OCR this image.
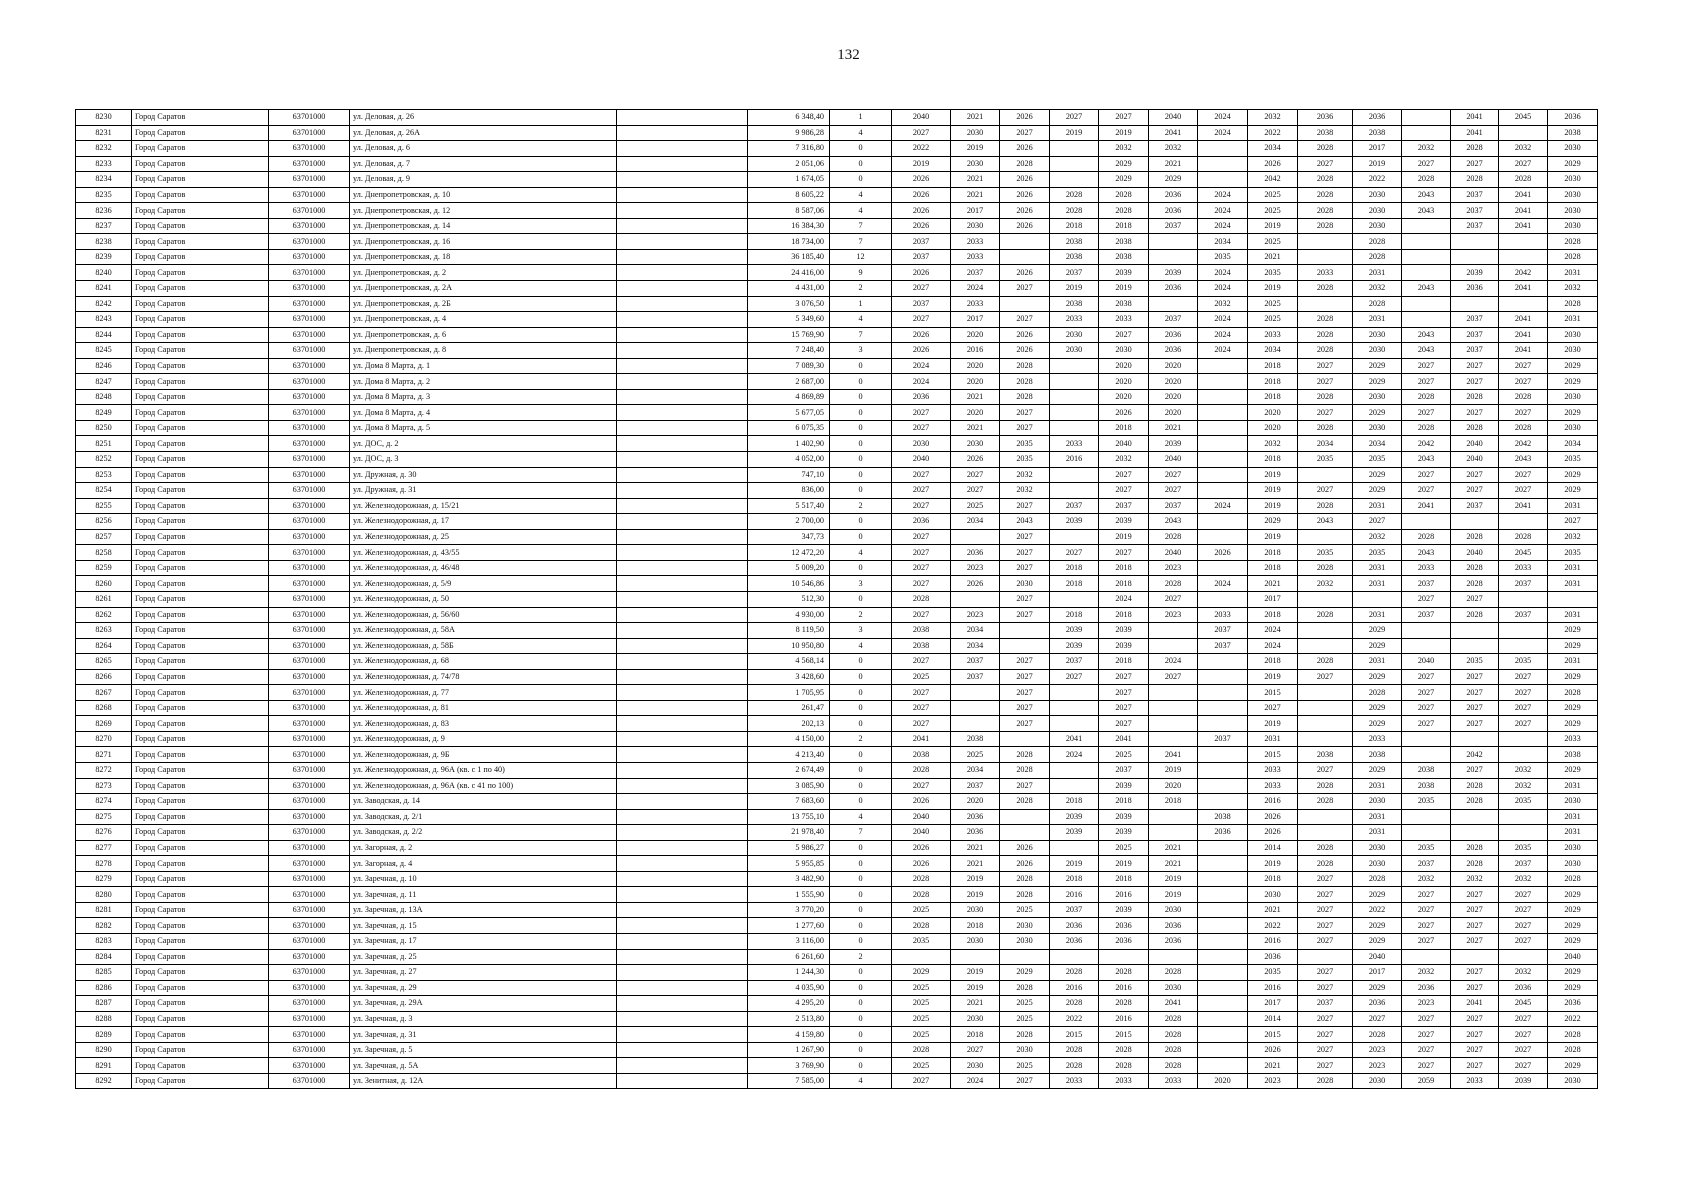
132
8230	Город Саратов	63701000	ул. Деловая, д. 26		6 348,40	1	2040	2021	2026	2027	2027	2040	2024	2032	2036	2036		2041	2045	2036
8231	Город Саратов	63701000	ул. Деловая, д. 26А		9 986,28	4	2027	2030	2027	2019	2019	2041	2024	2022	2038	2038		2041		2038
8232	Город Саратов	63701000	ул. Деловая, д. 6		7 316,80	0	2022	2019	2026		2032	2032		2034	2028	2017	2032	2028	2032	2030
8233	Город Саратов	63701000	ул. Деловая, д. 7		2 051,06	0	2019	2030	2028		2029	2021		2026	2027	2019	2027	2027	2027	2029
8234	Город Саратов	63701000	ул. Деловая, д. 9		1 674,05	0	2026	2021	2026		2029	2029		2042	2028	2022	2028	2028	2028	2030
8235	Город Саратов	63701000	ул. Днепропетровская, д. 10		8 605,22	4	2026	2021	2026	2028	2028	2036	2024	2025	2028	2030	2043	2037	2041	2030
8236	Город Саратов	63701000	ул. Днепропетровская, д. 12		8 587,06	4	2026	2017	2026	2028	2028	2036	2024	2025	2028	2030	2043	2037	2041	2030
8237	Город Саратов	63701000	ул. Днепропетровская, д. 14		16 384,30	7	2026	2030	2026	2018	2018	2037	2024	2019	2028	2030		2037	2041	2030
8238	Город Саратов	63701000	ул. Днепропетровская, д. 16		18 734,00	7	2037	2033		2038	2038		2034	2025		2028				2028
8239	Город Саратов	63701000	ул. Днепропетровская, д. 18		36 185,40	12	2037	2033		2038	2038		2035	2021		2028				2028
8240	Город Саратов	63701000	ул. Днепропетровская, д. 2		24 416,00	9	2026	2037	2026	2037	2039	2039	2024	2035	2033	2031		2039	2042	2031
8241	Город Саратов	63701000	ул. Днепропетровская, д. 2А		4 431,00	2	2027	2024	2027	2019	2019	2036	2024	2019	2028	2032	2043	2036	2041	2032
8242	Город Саратов	63701000	ул. Днепропетровская, д. 2Б		3 076,50	1	2037	2033		2038	2038		2032	2025		2028				2028
8243	Город Саратов	63701000	ул. Днепропетровская, д. 4		5 349,60	4	2027	2017	2027	2033	2033	2037	2024	2025	2028	2031		2037	2041	2031
8244	Город Саратов	63701000	ул. Днепропетровская, д. 6		15 769,90	7	2026	2020	2026	2030	2027	2036	2024	2033	2028	2030	2043	2037	2041	2030
8245	Город Саратов	63701000	ул. Днепропетровская, д. 8		7 248,40	3	2026	2016	2026	2030	2030	2036	2024	2034	2028	2030	2043	2037	2041	2030
8246	Город Саратов	63701000	ул. Дома 8 Марта, д. 1		7 089,30	0	2024	2020	2028		2020	2020		2018	2027	2029	2027	2027	2027	2029
8247	Город Саратов	63701000	ул. Дома 8 Марта, д. 2		2 687,00	0	2024	2020	2028		2020	2020		2018	2027	2029	2027	2027	2027	2029
8248	Город Саратов	63701000	ул. Дома 8 Марта, д. 3		4 869,89	0	2036	2021	2028		2020	2020		2018	2028	2030	2028	2028	2028	2030
8249	Город Саратов	63701000	ул. Дома 8 Марта, д. 4		5 677,05	0	2027	2020	2027		2026	2020		2020	2027	2029	2027	2027	2027	2029
8250	Город Саратов	63701000	ул. Дома 8 Марта, д. 5		6 075,35	0	2027	2021	2027		2018	2021		2020	2028	2030	2028	2028	2028	2030
8251	Город Саратов	63701000	ул. ДОС, д. 2		1 402,90	0	2030	2030	2035	2033	2040	2039		2032	2034	2034	2042	2040	2042	2034
8252	Город Саратов	63701000	ул. ДОС, д. 3		4 052,00	0	2040	2026	2035	2016	2032	2040		2018	2035	2035	2043	2040	2043	2035
8253	Город Саратов	63701000	ул. Дружная, д. 30		747,10	0	2027	2027	2032		2027	2027		2019		2029	2027	2027	2027	2029
8254	Город Саратов	63701000	ул. Дружная, д. 31		836,00	0	2027	2027	2032		2027	2027		2019	2027	2029	2027	2027	2027	2029
8255	Город Саратов	63701000	ул. Железнодорожная, д. 15/21		5 517,40	2	2027	2025	2027	2037	2037	2037	2024	2019	2028	2031	2041	2037	2041	2031
8256	Город Саратов	63701000	ул. Железнодорожная, д. 17		2 700,00	0	2036	2034	2043	2039	2039	2043		2029	2043	2027				2027
8257	Город Саратов	63701000	ул. Железнодорожная, д. 25		347,73	0	2027		2027		2019	2028		2019		2032	2028	2028	2028	2032
8258	Город Саратов	63701000	ул. Железнодорожная, д. 43/55		12 472,20	4	2027	2036	2027	2027	2027	2040	2026	2018	2035	2035	2043	2040	2045	2035
8259	Город Саратов	63701000	ул. Железнодорожная, д. 46/48		5 009,20	0	2027	2023	2027	2018	2018	2023		2018	2028	2031	2033	2028	2033	2031
8260	Город Саратов	63701000	ул. Железнодорожная, д. 5/9		10 546,86	3	2027	2026	2030	2018	2018	2028	2024	2021	2032	2031	2037	2028	2037	2031
8261	Город Саратов	63701000	ул. Железнодорожная, д. 50		512,30	0	2028		2027		2024	2027		2017			2027	2027		
8262	Город Саратов	63701000	ул. Железнодорожная, д. 56/60		4 930,00	2	2027	2023	2027	2018	2018	2023	2033	2018	2028	2031	2037	2028	2037	2031
8263	Город Саратов	63701000	ул. Железнодорожная, д. 58А		8 119,50	3	2038	2034		2039	2039		2037	2024		2029				2029
8264	Город Саратов	63701000	ул. Железнодорожная, д. 58Б		10 950,80	4	2038	2034		2039	2039		2037	2024		2029				2029
8265	Город Саратов	63701000	ул. Железнодорожная, д. 68		4 568,14	0	2027	2037	2027	2037	2018	2024		2018	2028	2031	2040	2035	2035	2031
8266	Город Саратов	63701000	ул. Железнодорожная, д. 74/78		3 428,60	0	2025	2037	2027	2027	2027	2027		2019	2027	2029	2027	2027	2027	2029
8267	Город Саратов	63701000	ул. Железнодорожная, д. 77		1 705,95	0	2027		2027		2027			2015		2028	2027	2027	2027	2028
8268	Город Саратов	63701000	ул. Железнодорожная, д. 81		261,47	0	2027		2027		2027			2027		2029	2027	2027	2027	2029
8269	Город Саратов	63701000	ул. Железнодорожная, д. 83		202,13	0	2027		2027		2027			2019		2029	2027	2027	2027	2029
8270	Город Саратов	63701000	ул. Железнодорожная, д. 9		4 150,00	2	2041	2038		2041	2041		2037	2031		2033				2033
8271	Город Саратов	63701000	ул. Железнодорожная, д. 9Б		4 213,40	0	2038	2025	2028	2024	2025	2041		2015	2038	2038		2042		2038
8272	Город Саратов	63701000	ул. Железнодорожная, д. 96А (кв. с 1 по 40)		2 674,49	0	2028	2034	2028		2037	2019		2033	2027	2029	2038	2027	2032	2029
8273	Город Саратов	63701000	ул. Железнодорожная, д. 96А (кв. с 41 по 100)		3 085,90	0	2027	2037	2027		2039	2020		2033	2028	2031	2038	2028	2032	2031
8274	Город Саратов	63701000	ул. Заводская, д. 14		7 683,60	0	2026	2020	2028	2018	2018	2018		2016	2028	2030	2035	2028	2035	2030
8275	Город Саратов	63701000	ул. Заводская, д. 2/1		13 755,10	4	2040	2036		2039	2039		2038	2026		2031				2031
8276	Город Саратов	63701000	ул. Заводская, д. 2/2		21 978,40	7	2040	2036		2039	2039		2036	2026		2031				2031
8277	Город Саратов	63701000	ул. Загорная, д. 2		5 986,27	0	2026	2021	2026		2025	2021		2014	2028	2030	2035	2028	2035	2030
8278	Город Саратов	63701000	ул. Загорная, д. 4		5 955,85	0	2026	2021	2026	2019	2019	2021		2019	2028	2030	2037	2028	2037	2030
8279	Город Саратов	63701000	ул. Заречная, д. 10		3 482,90	0	2028	2019	2028	2018	2018	2019		2018	2027	2028	2032	2032	2032	2028
8280	Город Саратов	63701000	ул. Заречная, д. 11		1 555,90	0	2028	2019	2028	2016	2016	2019		2030	2027	2029	2027	2027	2027	2029
8281	Город Саратов	63701000	ул. Заречная, д. 13А		3 770,20	0	2025	2030	2025	2037	2039	2030		2021	2027	2022	2027	2027	2027	2029
8282	Город Саратов	63701000	ул. Заречная, д. 15		1 277,60	0	2028	2018	2030	2036	2036	2036		2022	2027	2029	2027	2027	2027	2029
8283	Город Саратов	63701000	ул. Заречная, д. 17		3 116,00	0	2035	2030	2030	2036	2036	2036		2016	2027	2029	2027	2027	2027	2029
8284	Город Саратов	63701000	ул. Заречная, д. 25		6 261,60	2								2036		2040				2040
8285	Город Саратов	63701000	ул. Заречная, д. 27		1 244,30	0	2029	2019	2029	2028	2028	2028		2035	2027	2017	2032	2027	2032	2029
8286	Город Саратов	63701000	ул. Заречная, д. 29		4 035,90	0	2025	2019	2028	2016	2016	2030		2016	2027	2029	2036	2027	2036	2029
8287	Город Саратов	63701000	ул. Заречная, д. 29А		4 295,20	0	2025	2021	2025	2028	2028	2041		2017	2037	2036	2023	2041	2045	2036
8288	Город Саратов	63701000	ул. Заречная, д. 3		2 513,80	0	2025	2030	2025	2022	2016	2028		2014	2027	2027	2027	2027	2027	2022
8289	Город Саратов	63701000	ул. Заречная, д. 31		4 159,80	0	2025	2018	2028	2015	2015	2028		2015	2027	2028	2027	2027	2027	2028
8290	Город Саратов	63701000	ул. Заречная, д. 5		1 267,90	0	2028	2027	2030	2028	2028	2028		2026	2027	2023	2027	2027	2027	2028
8291	Город Саратов	63701000	ул. Заречная, д. 5А		3 769,90	0	2025	2030	2025	2028	2028	2028		2021	2027	2023	2027	2027	2027	2029
8292	Город Саратов	63701000	ул. Зенитная, д. 12А		7 585,00	4	2027	2024	2027	2033	2033	2033	2020	2023	2028	2030	2059	2033	2039	2030
